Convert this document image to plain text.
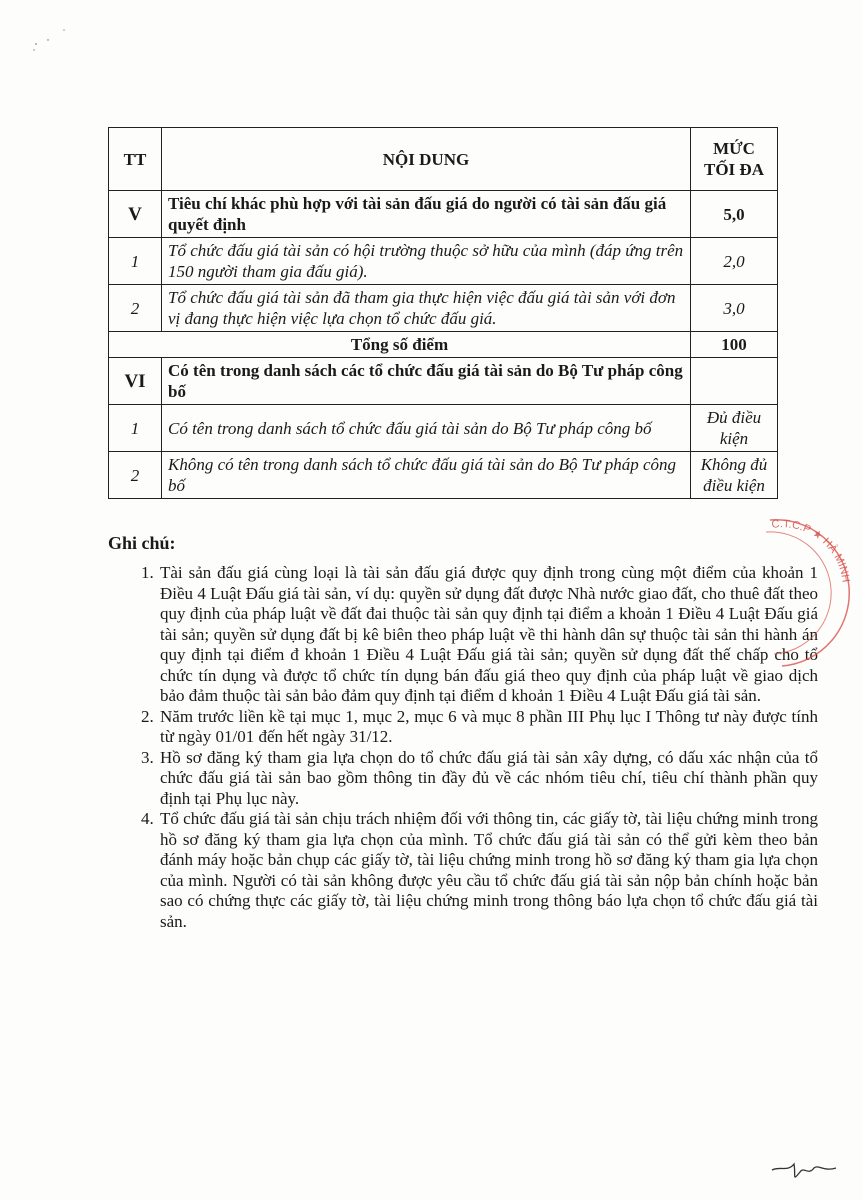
TT	NỘI DUNG	MỨC TỐI ĐA
V	Tiêu chí khác phù hợp với tài sản đấu giá do người có tài sản đấu giá quyết định	5,0
1	Tổ chức đấu giá tài sản có hội trường thuộc sở hữu của mình (đáp ứng trên 150 người tham gia đấu giá).	2,0
2	Tổ chức đấu giá tài sản đã tham gia thực hiện việc đấu giá tài sản với đơn vị đang thực hiện việc lựa chọn tổ chức đấu giá.	3,0
Tổng số điểm		100
VI	Có tên trong danh sách các tổ chức đấu giá tài sản do Bộ Tư pháp công bố	
1	Có tên trong danh sách tổ chức đấu giá tài sản do Bộ Tư pháp công bố	Đủ điều kiện
2	Không có tên trong danh sách tổ chức đấu giá tài sản do Bộ Tư pháp công bố	Không đủ điều kiện
Ghi chú:
1. Tài sản đấu giá cùng loại là tài sản đấu giá được quy định trong cùng một điểm của khoản 1 Điều 4 Luật Đấu giá tài sản, ví dụ: quyền sử dụng đất được Nhà nước giao đất, cho thuê đất theo quy định của pháp luật về đất đai thuộc tài sản quy định tại điểm a khoản 1 Điều 4 Luật Đấu giá tài sản; quyền sử dụng đất bị kê biên theo pháp luật về thi hành dân sự thuộc tài sản thi hành án quy định tại điểm đ khoản 1 Điều 4 Luật Đấu giá tài sản; quyền sử dụng đất thế chấp cho tổ chức tín dụng và được tổ chức tín dụng bán đấu giá theo quy định của pháp luật về giao dịch bảo đảm thuộc tài sản bảo đảm quy định tại điểm d khoản 1 Điều 4 Luật Đấu giá tài sản.
2. Năm trước liền kề tại mục 1, mục 2, mục 6 và mục 8 phần III Phụ lục I Thông tư này được tính từ ngày 01/01 đến hết ngày 31/12.
3. Hồ sơ đăng ký tham gia lựa chọn do tổ chức đấu giá tài sản xây dựng, có dấu xác nhận của tổ chức đấu giá tài sản bao gồm thông tin đầy đủ về các nhóm tiêu chí, tiêu chí thành phần quy định tại Phụ lục này.
4. Tổ chức đấu giá tài sản chịu trách nhiệm đối với thông tin, các giấy tờ, tài liệu chứng minh trong hồ sơ đăng ký tham gia lựa chọn của mình. Tổ chức đấu giá tài sản có thể gửi kèm theo bản đánh máy hoặc bản chụp các giấy tờ, tài liệu chứng minh trong hồ sơ đăng ký tham gia lựa chọn của mình. Người có tài sản không được yêu cầu tổ chức đấu giá tài sản nộp bản chính hoặc bản sao có chứng thực các giấy tờ, tài liệu chứng minh trong thông báo lựa chọn tổ chức đấu giá tài sản.
C.T.C.P ★ HÀ MINH
